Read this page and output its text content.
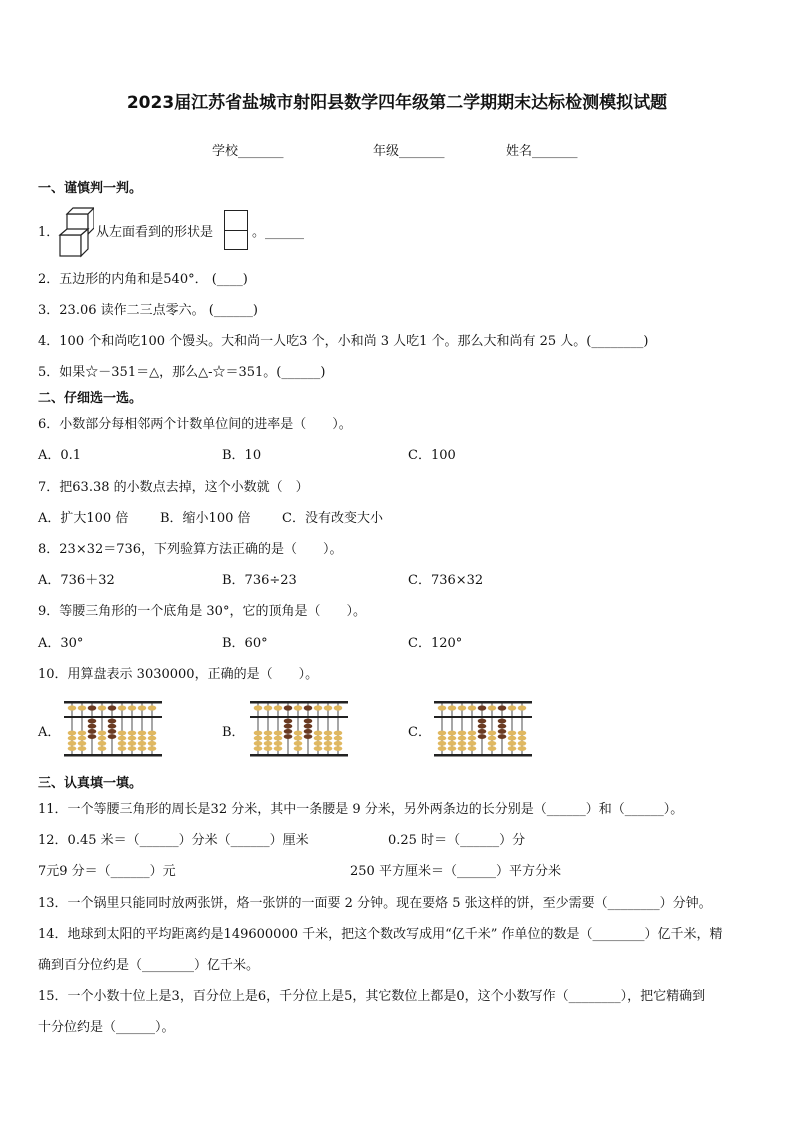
2023届江苏省盐城市射阳县数学四年级第二学期期末达标检测模拟试题
学校_______	年级_______	姓名_______
一、谨慎判一判。
1．	从左面看到的形状是	。______
2．五边形的内角和是540°． (____)
3．23.06 读作二三点零六。 (______)
4．100 个和尚吃100 个馒头。大和尚一人吃3 个，小和尚 3 人吃1 个。那么大和尚有 25 人。(________)
5．如果☆－351＝△，那么△-☆＝351。(______)
二、仔细选一选。
6．小数部分每相邻两个计数单位间的进率是（　　）。
A．0.1	B．10	C．100
7．把63.38 的小数点去掉，这个小数就（　）
A．扩大100 倍 B．缩小100 倍 C．没有改变大小
8．23×32＝736，下列验算方法正确的是（　　）。
A．736＋32	B．736÷23	C．736×32
9．等腰三角形的一个底角是 30°，它的顶角是（　　）。
A．30°	B．60°	C．120°
10．用算盘表示 3030000，正确的是（　　）。
A．	B．	C．
三、认真填一填。
11．一个等腰三角形的周长是32 分米，其中一条腰是 9 分米，另外两条边的长分别是（______）和（______）。
12．0.45 米＝（______）分米（______）厘米	0.25 时＝（______）分
7元9 分＝（______）元	250 平方厘米＝（______）平方分米
13．一个锅里只能同时放两张饼，烙一张饼的一面要 2 分钟。现在要烙 5 张这样的饼，至少需要（________）分钟。
14．地球到太阳的平均距离约是149600000 千米，把这个数改写成用“亿千米” 作单位的数是（________）亿千米，精
确到百分位约是（________）亿千米。
15．一个小数十位上是3，百分位上是6，千分位上是5，其它数位上都是0，这个小数写作（________），把它精确到
十分位约是（______）。
